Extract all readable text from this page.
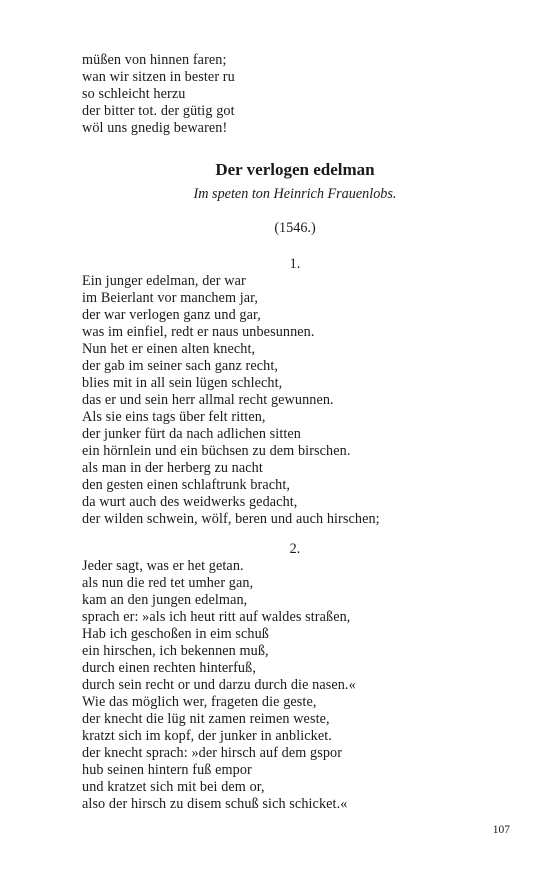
müßen von hinnen faren;
wan wir sitzen in bester ru
so schleicht herzu
der bitter tot. der gütig got
wöl uns gnedig bewaren!
Der verlogen edelman
Im speten ton Heinrich Frauenlobs.
(1546.)
1.
Ein junger edelman, der war
im Beierlant vor manchem jar,
der war verlogen ganz und gar,
was im einfiel, redt er naus unbesunnen.
Nun het er einen alten knecht,
der gab im seiner sach ganz recht,
blies mit in all sein lügen schlecht,
das er und sein herr allmal recht gewunnen.
Als sie eins tags über felt ritten,
der junker fürt da nach adlichen sitten
ein hörnlein und ein büchsen zu dem birschen.
als man in der herberg zu nacht
den gesten einen schlaftrunk bracht,
da wurt auch des weidwerks gedacht,
der wilden schwein, wölf, beren und auch hirschen;
2.
Jeder sagt, was er het getan.
als nun die red tet umher gan,
kam an den jungen edelman,
sprach er: »als ich heut ritt auf waldes straßen,
Hab ich geschoßen in eim schuß
ein hirschen, ich bekennen muß,
durch einen rechten hinterfuß,
durch sein recht or und darzu durch die nasen.«
Wie das möglich wer, frageten die geste,
der knecht die lüg nit zamen reimen weste,
kratzt sich im kopf, der junker in anblicket.
der knecht sprach: »der hirsch auf dem gspor
hub seinen hintern fuß empor
und kratzet sich mit bei dem or,
also der hirsch zu disem schuß sich schicket.«
107
